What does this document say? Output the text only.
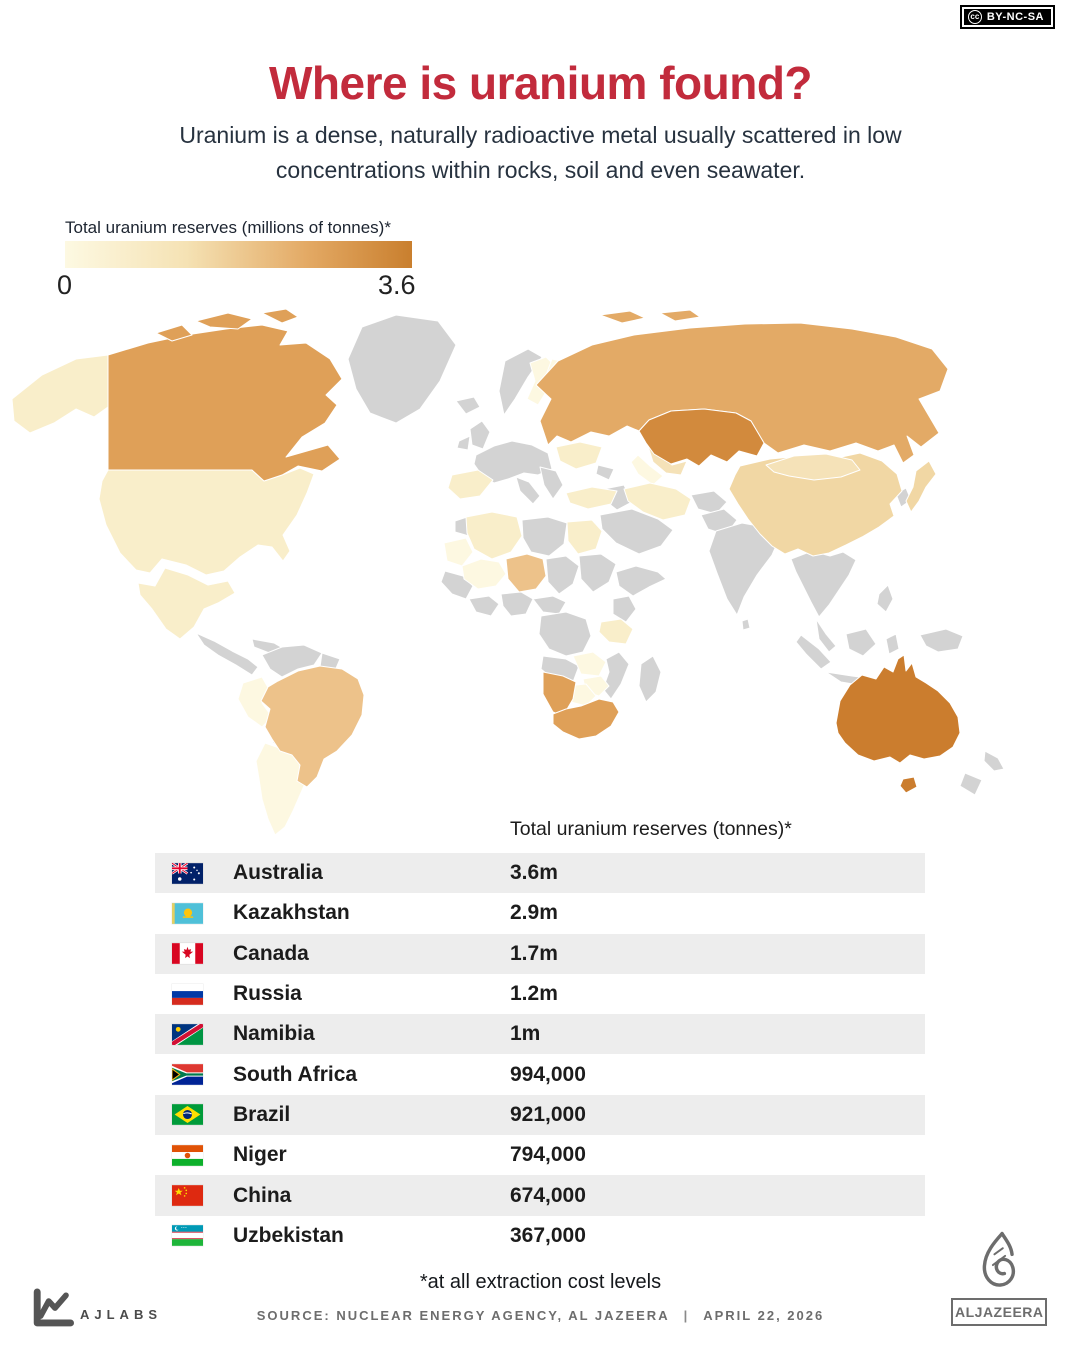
cc BY-NC-SA
Where is uranium found?
Uranium is a dense, naturally radioactive metal usually scattered in low concentrations within rocks, soil and even seawater.
Total uranium reserves (millions of tonnes)*
0	3.6
Total uranium reserves (tonnes)*
Australia	3.6m
Kazakhstan	2.9m
Canada	1.7m
Russia	1.2m
Namibia	1m
South Africa	994,000
Brazil	921,000
Niger	794,000
China	674,000
Uzbekistan	367,000
*at all extraction cost levels
SOURCE: NUCLEAR ENERGY AGENCY, AL JAZEERA | APRIL 22, 2026
AJLABS	ALJAZEERA
